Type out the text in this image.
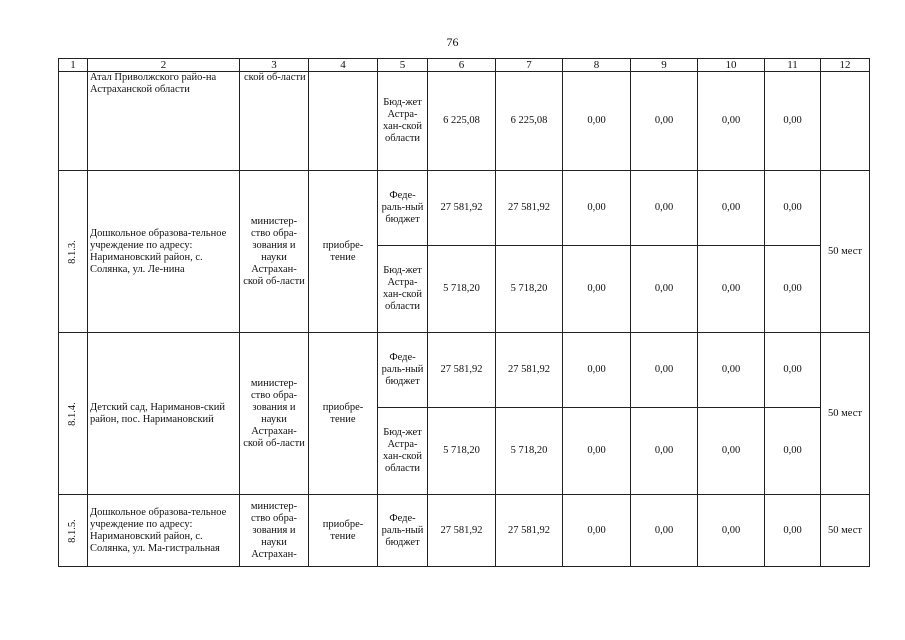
76
1	2	3	4	5	6	7	8	9	10	11	12
	Атал Приволжского райо-на Астраханской области	ской об-ласти		Бюд-жет Астра-хан-ской области	6 225,08	6 225,08	0,00	0,00	0,00	0,00	
8.1.3.	Дошкольное образова-тельное учреждение по адресу: Наримановский район, с. Солянка, ул. Ле-нина	министер-ство обра-зования и науки Астрахан-ской об-ласти	приобре-тение	Феде-раль-ный бюджет	27 581,92	27 581,92	0,00	0,00	0,00	0,00	50 мест
				Бюд-жет Астра-хан-ской области	5 718,20	5 718,20	0,00	0,00	0,00	0,00	
8.1.4.	Детский сад, Нариманов-ский район, пос. Наримановский	министер-ство обра-зования и науки Астрахан-ской об-ласти	приобре-тение	Феде-раль-ный бюджет	27 581,92	27 581,92	0,00	0,00	0,00	0,00	50 мест
				Бюд-жет Астра-хан-ской области	5 718,20	5 718,20	0,00	0,00	0,00	0,00	
8.1.5.	Дошкольное образова-тельное учреждение по адресу: Наримановский район, с. Солянка, ул. Ма-гистральная	министер-ство обра-зования и науки Астрахан-	приобре-тение	Феде-раль-ный бюджет	27 581,92	27 581,92	0,00	0,00	0,00	0,00	50 мест
